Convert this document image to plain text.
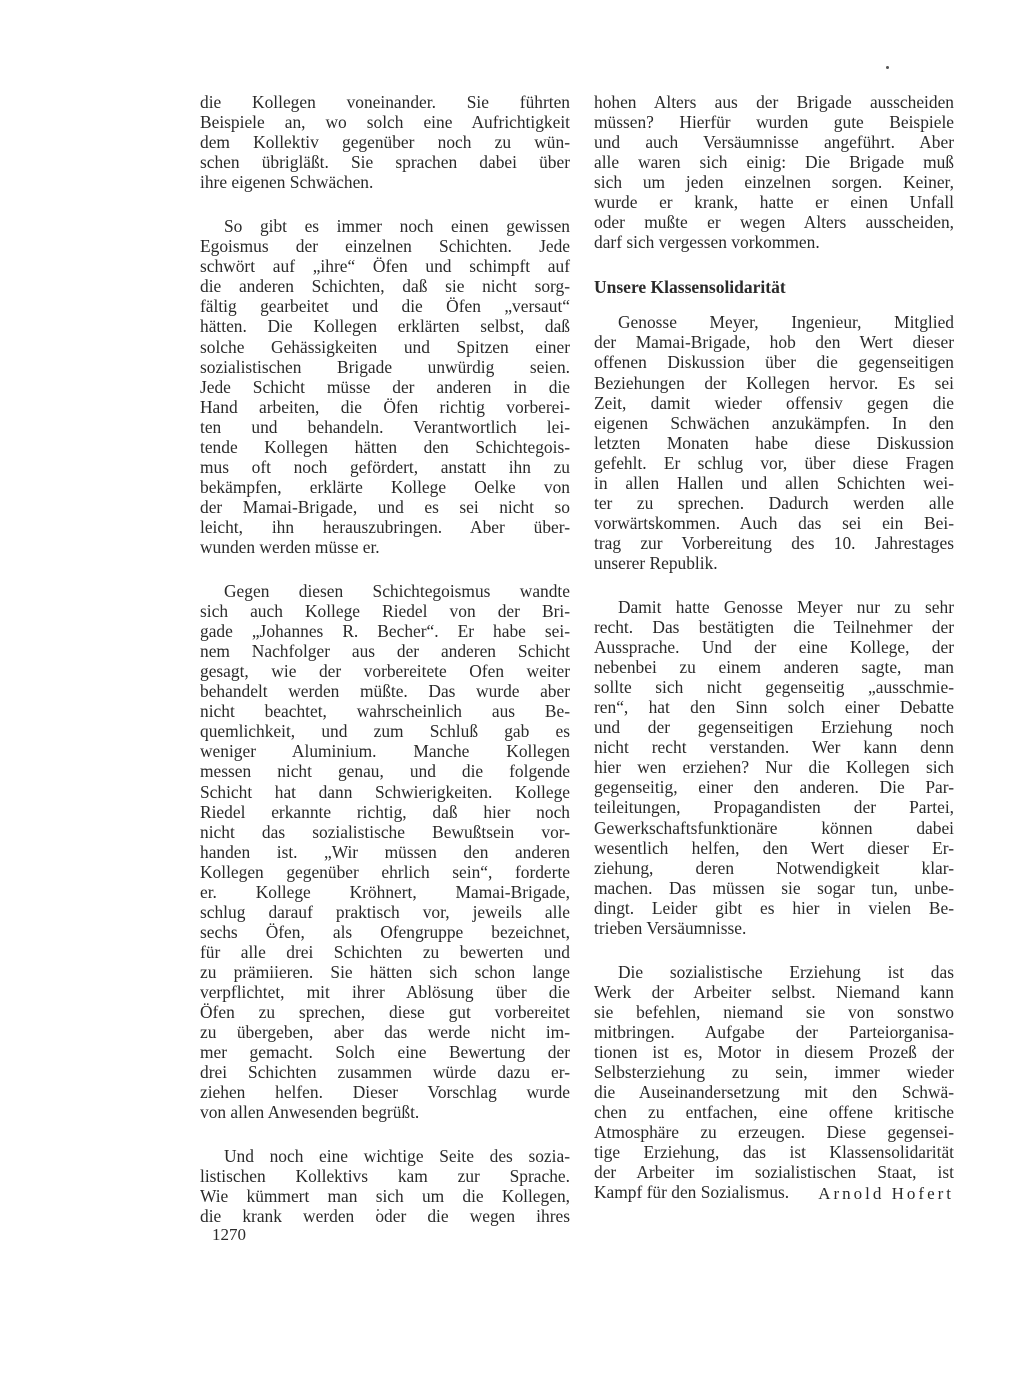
die Kollegen voneinander. Sie führten
Beispiele an, wo solch eine Aufrichtigkeit
dem Kollektiv gegenüber noch zu wün-
schen übrigläßt. Sie sprachen dabei über
ihre eigenen Schwächen.
So gibt es immer noch einen gewissen
Egoismus der einzelnen Schichten. Jede
schwört auf „ihre“ Öfen und schimpft auf
die anderen Schichten, daß sie nicht sorg-
fältig gearbeitet und die Öfen „versaut“
hätten. Die Kollegen erklärten selbst, daß
solche Gehässigkeiten und Spitzen einer
sozialistischen Brigade unwürdig seien.
Jede Schicht müsse der anderen in die
Hand arbeiten, die Öfen richtig vorberei-
ten und behandeln. Verantwortlich lei-
tende Kollegen hätten den Schichtegois-
mus oft noch gefördert, anstatt ihn zu
bekämpfen, erklärte Kollege Oelke von
der Mamai-Brigade, und es sei nicht so
leicht, ihn herauszubringen. Aber über-
wunden werden müsse er.
Gegen diesen Schichtegoismus wandte
sich auch Kollege Riedel von der Bri-
gade „Johannes R. Becher“. Er habe sei-
nem Nachfolger aus der anderen Schicht
gesagt, wie der vorbereitete Ofen weiter
behandelt werden müßte. Das wurde aber
nicht beachtet, wahrscheinlich aus Be-
quemlichkeit, und zum Schluß gab es
weniger Aluminium. Manche Kollegen
messen nicht genau, und die folgende
Schicht hat dann Schwierigkeiten. Kollege
Riedel erkannte richtig, daß hier noch
nicht das sozialistische Bewußtsein vor-
handen ist. „Wir müssen den anderen
Kollegen gegenüber ehrlich sein“, forderte
er. Kollege Kröhnert, Mamai-Brigade,
schlug darauf praktisch vor, jeweils alle
sechs Öfen, als Ofengruppe bezeichnet,
für alle drei Schichten zu bewerten und
zu prämiieren. Sie hätten sich schon lange
verpflichtet, mit ihrer Ablösung über die
Öfen zu sprechen, diese gut vorbereitet
zu übergeben, aber das werde nicht im-
mer gemacht. Solch eine Bewertung der
drei Schichten zusammen würde dazu er-
ziehen helfen. Dieser Vorschlag wurde
von allen Anwesenden begrüßt.
Und noch eine wichtige Seite des sozia-
listischen Kollektivs kam zur Sprache.
Wie kümmert man sich um die Kollegen,
die krank werden oder die wegen ihres
hohen Alters aus der Brigade ausscheiden
müssen? Hierfür wurden gute Beispiele
und auch Versäumnisse angeführt. Aber
alle waren sich einig: Die Brigade muß
sich um jeden einzelnen sorgen. Keiner,
wurde er krank, hatte er einen Unfall
oder mußte er wegen Alters ausscheiden,
darf sich vergessen vorkommen.
Unsere Klassensolidarität
Genosse Meyer, Ingenieur, Mitglied
der Mamai-Brigade, hob den Wert dieser
offenen Diskussion über die gegenseitigen
Beziehungen der Kollegen hervor. Es sei
Zeit, damit wieder offensiv gegen die
eigenen Schwächen anzukämpfen. In den
letzten Monaten habe diese Diskussion
gefehlt. Er schlug vor, über diese Fragen
in allen Hallen und allen Schichten wei-
ter zu sprechen. Dadurch werden alle
vorwärtskommen. Auch das sei ein Bei-
trag zur Vorbereitung des 10. Jahrestages
unserer Republik.
Damit hatte Genosse Meyer nur zu sehr
recht. Das bestätigten die Teilnehmer der
Aussprache. Und der eine Kollege, der
nebenbei zu einem anderen sagte, man
sollte sich nicht gegenseitig „ausschmie-
ren“, hat den Sinn solch einer Debatte
und der gegenseitigen Erziehung noch
nicht recht verstanden. Wer kann denn
hier wen erziehen? Nur die Kollegen sich
gegenseitig, einer den anderen. Die Par-
teileitungen, Propagandisten der Partei,
Gewerkschaftsfunktionäre können dabei
wesentlich helfen, den Wert dieser Er-
ziehung, deren Notwendigkeit klar-
machen. Das müssen sie sogar tun, unbe-
dingt. Leider gibt es hier in vielen Be-
trieben Versäumnisse.
Die sozialistische Erziehung ist das
Werk der Arbeiter selbst. Niemand kann
sie befehlen, niemand sie von sonstwo
mitbringen. Aufgabe der Parteiorganisa-
tionen ist es, Motor in diesem Prozeß der
Selbsterziehung zu sein, immer wieder
die Auseinandersetzung mit den Schwä-
chen zu entfachen, eine offene kritische
Atmosphäre zu erzeugen. Diese gegensei-
tige Erziehung, das ist Klassensolidarität
der Arbeiter im sozialistischen Staat, ist
Kampf für den Sozialismus.	Arnold Hofert
1270
